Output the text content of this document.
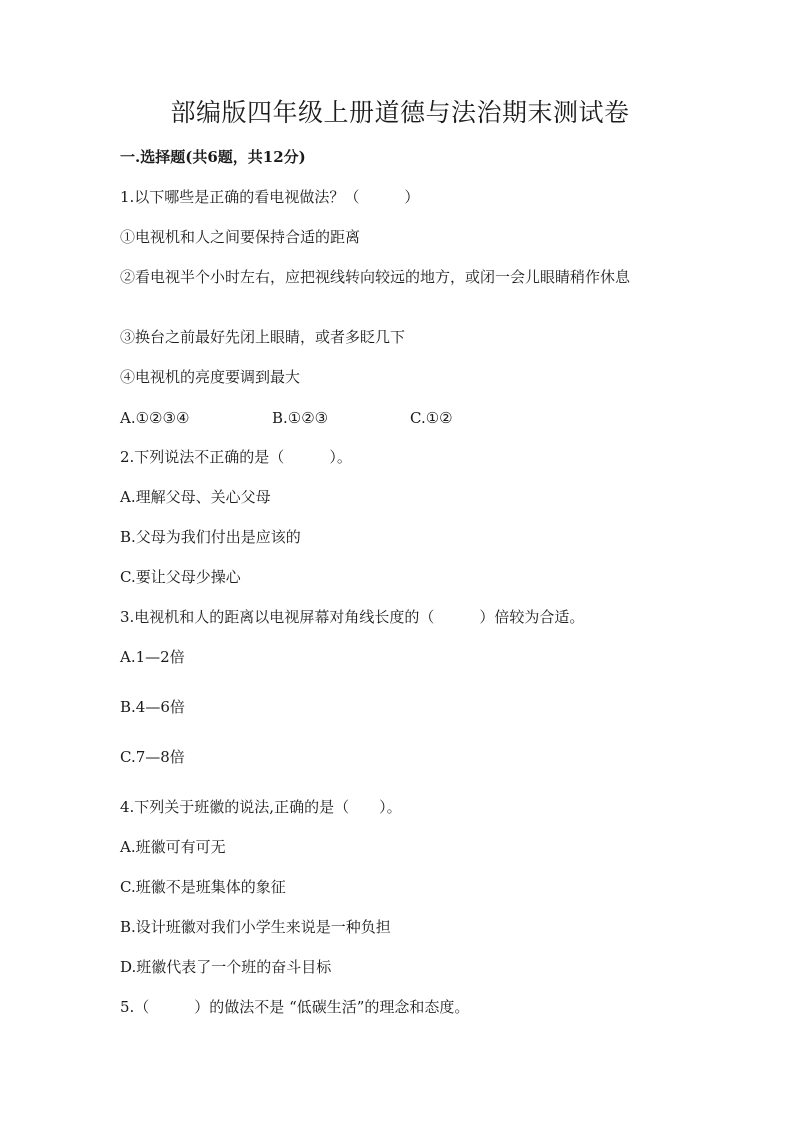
部编版四年级上册道德与法治期末测试卷
一.选择题(共6题，共12分)
1.以下哪些是正确的看电视做法？（　　　）
①电视机和人之间要保持合适的距离
②看电视半个小时左右，应把视线转向较远的地方，或闭一会儿眼睛稍作休息
③换台之前最好先闭上眼睛，或者多眨几下
④电视机的亮度要调到最大
A.①②③④	B.①②③	C.①②
2.下列说法不正确的是（　　　）。
A.理解父母、关心父母
B.父母为我们付出是应该的
C.要让父母少操心
3.电视机和人的距离以电视屏幕对角线长度的（　　　）倍较为合适。
A.1—2倍
B.4—6倍
C.7—8倍
4.下列关于班徽的说法,正确的是（　　）。
A.班徽可有可无
C.班徽不是班集体的象征
B.设计班徽对我们小学生来说是一种负担
D.班徽代表了一个班的奋斗目标
5.（　　　）的做法不是 “低碳生活”的理念和态度。
